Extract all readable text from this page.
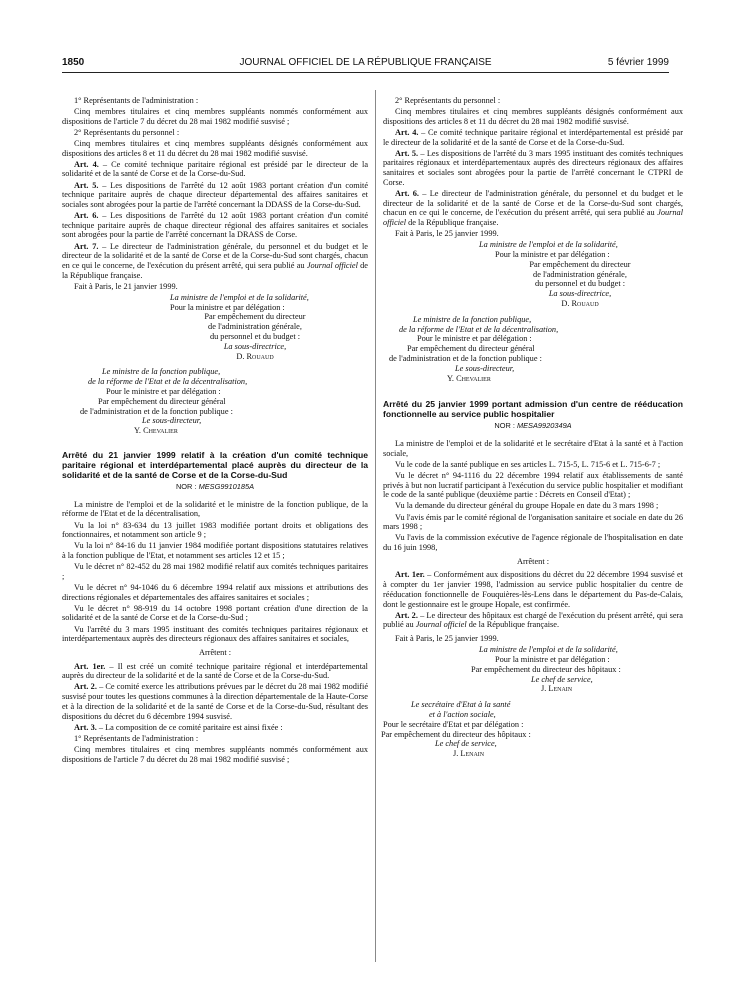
1850	JOURNAL OFFICIEL DE LA RÉPUBLIQUE FRANÇAISE	5 février 1999

1° Représentants de l'administration :

Cinq membres titulaires et cinq membres suppléants nommés conformément aux dispositions de l'article 7 du décret du 28 mai 1982 modifié susvisé ;

2° Représentants du personnel :

Cinq membres titulaires et cinq membres suppléants désignés conformément aux dispositions des articles 8 et 11 du décret du 28 mai 1982 modifié susvisé.

Art. 4. – Ce comité technique paritaire régional est présidé par le directeur de la solidarité et de la santé de Corse et de la Corse-du-Sud.

Art. 5. – Les dispositions de l'arrêté du 12 août 1983 portant création d'un comité technique paritaire auprès de chaque directeur départemental des affaires sanitaires et sociales sont abrogées pour la partie de l'arrêté concernant la DDASS de la Corse-du-Sud.

Art. 6. – Les dispositions de l'arrêté du 12 août 1983 portant création d'un comité technique paritaire auprès de chaque directeur régional des affaires sanitaires et sociales sont abrogées pour la partie de l'arrêté concernant la DRASS de Corse.

Art. 7. – Le directeur de l'administration générale, du personnel et du budget et le directeur de la solidarité et de la santé de Corse et de la Corse-du-Sud sont chargés, chacun en ce qui le concerne, de l'exécution du présent arrêté, qui sera publié au Journal officiel de la République française.

Fait à Paris, le 21 janvier 1999.

La ministre de l'emploi et de la solidarité,

Pour la ministre et par délégation :

Par empêchement du directeur

de l'administration générale,

du personnel et du budget :

La sous-directrice,

D. Rouaud

Le ministre de la fonction publique,

de la réforme de l'Etat et de la décentralisation,

Pour le ministre et par délégation :

Par empêchement du directeur général

de l'administration et de la fonction publique :

Le sous-directeur,

Y. Chevalier

Arrêté du 21 janvier 1999 relatif à la création d'un comité technique paritaire régional et interdépartemental placé auprès du directeur de la solidarité et de la santé de Corse et de la Corse-du-Sud

NOR : MESG9910185A

La ministre de l'emploi et de la solidarité et le ministre de la fonction publique, de la réforme de l'Etat et de la décentralisation,

Vu la loi n° 83-634 du 13 juillet 1983 modifiée portant droits et obligations des fonctionnaires, et notamment son article 9 ;

Vu la loi n° 84-16 du 11 janvier 1984 modifiée portant dispositions statutaires relatives à la fonction publique de l'Etat, et notamment ses articles 12 et 15 ;

Vu le décret n° 82-452 du 28 mai 1982 modifié relatif aux comités techniques paritaires ;

Vu le décret n° 94-1046 du 6 décembre 1994 relatif aux missions et attributions des directions régionales et départementales des affaires sanitaires et sociales ;

Vu le décret n° 98-919 du 14 octobre 1998 portant création d'une direction de la solidarité et de la santé de Corse et de la Corse-du-Sud ;

Vu l'arrêté du 3 mars 1995 instituant des comités techniques paritaires régionaux et interdépartementaux auprès des directeurs régionaux des affaires sanitaires et sociales,

Arrêtent :

Art. 1er. – Il est créé un comité technique paritaire régional et interdépartemental auprès du directeur de la solidarité et de la santé de Corse et de la Corse-du-Sud.

Art. 2. – Ce comité exerce les attributions prévues par le décret du 28 mai 1982 modifié susvisé pour toutes les questions communes à la direction départementale de la Haute-Corse et à la direction de la solidarité et de la santé de Corse et de la Corse-du-Sud, résultant des dispositions du décret du 6 décembre 1994 susvisé.

Art. 3. – La composition de ce comité paritaire est ainsi fixée :

1° Représentants de l'administration :

Cinq membres titulaires et cinq membres suppléants nommés conformément aux dispositions de l'article 7 du décret du 28 mai 1982 modifié susvisé ;

2° Représentants du personnel :

Cinq membres titulaires et cinq membres suppléants désignés conformément aux dispositions des articles 8 et 11 du décret du 28 mai 1982 modifié susvisé.

Art. 4. – Ce comité technique paritaire régional et interdépartemental est présidé par le directeur de la solidarité et de la santé de Corse et de la Corse-du-Sud.

Art. 5. – Les dispositions de l'arrêté du 3 mars 1995 instituant des comités techniques paritaires régionaux et interdépartementaux auprès des directeurs régionaux des affaires sanitaires et sociales sont abrogées pour la partie de l'arrêté concernant le CTPRI de Corse.

Art. 6. – Le directeur de l'administration générale, du personnel et du budget et le directeur de la solidarité et de la santé de Corse et de la Corse-du-Sud sont chargés, chacun en ce qui le concerne, de l'exécution du présent arrêté, qui sera publié au Journal officiel de la République française.

Fait à Paris, le 25 janvier 1999.

La ministre de l'emploi et de la solidarité,

Pour la ministre et par délégation :

Par empêchement du directeur

de l'administration générale,

du personnel et du budget :

La sous-directrice,

D. Rouaud

Le ministre de la fonction publique,

de la réforme de l'Etat et de la décentralisation,

Pour le ministre et par délégation :

Par empêchement du directeur général

de l'administration et de la fonction publique :

Le sous-directeur,

Y. Chevalier

Arrêté du 25 janvier 1999 portant admission d'un centre de rééducation fonctionnelle au service public hospitalier

NOR : MESA9920349A

La ministre de l'emploi et de la solidarité et le secrétaire d'Etat à la santé et à l'action sociale,

Vu le code de la santé publique en ses articles L. 715-5, L. 715-6 et L. 715-6-7 ;

Vu le décret n° 94-1116 du 22 décembre 1994 relatif aux établissements de santé privés à but non lucratif participant à l'exécution du service public hospitalier et modifiant le code de la santé publique (deuxième partie : Décrets en Conseil d'Etat) ;

Vu la demande du directeur général du groupe Hopale en date du 3 mars 1998 ;

Vu l'avis émis par le comité régional de l'organisation sanitaire et sociale en date du 26 mars 1998 ;

Vu l'avis de la commission exécutive de l'agence régionale de l'hospitalisation en date du 16 juin 1998,

Arrêtent :

Art. 1er. – Conformément aux dispositions du décret du 22 décembre 1994 susvisé et à compter du 1er janvier 1998, l'admission au service public hospitalier du centre de rééducation fonctionnelle de Fouquières-lès-Lens dans le département du Pas-de-Calais, dont le gestionnaire est le groupe Hopale, est confirmée.

Art. 2. – Le directeur des hôpitaux est chargé de l'exécution du présent arrêté, qui sera publié au Journal officiel de la République française.

Fait à Paris, le 25 janvier 1999.

La ministre de l'emploi et de la solidarité,

Pour la ministre et par délégation :

Par empêchement du directeur des hôpitaux :

Le chef de service,

J. Lenain

Le secrétaire d'Etat à la santé

et à l'action sociale,

Pour le secrétaire d'Etat et par délégation :

Par empêchement du directeur des hôpitaux :

Le chef de service,

J. Lenain
